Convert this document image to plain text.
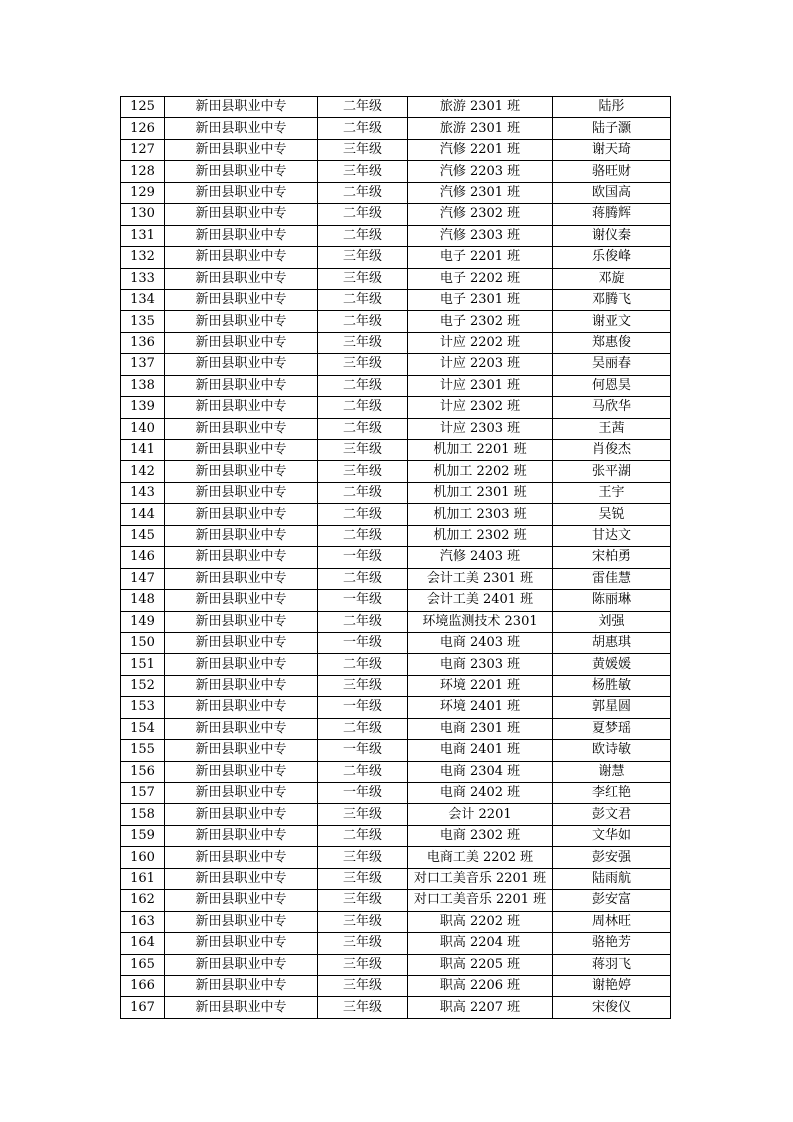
125	新田县职业中专	二年级	旅游 2301 班	陆彤
126	新田县职业中专	二年级	旅游 2301 班	陆子灏
127	新田县职业中专	三年级	汽修 2201 班	谢天琦
128	新田县职业中专	三年级	汽修 2203 班	骆旺财
129	新田县职业中专	二年级	汽修 2301 班	欧国高
130	新田县职业中专	二年级	汽修 2302 班	蒋腾辉
131	新田县职业中专	二年级	汽修 2303 班	谢仪秦
132	新田县职业中专	三年级	电子 2201 班	乐俊峰
133	新田县职业中专	三年级	电子 2202 班	邓旋
134	新田县职业中专	二年级	电子 2301 班	邓腾飞
135	新田县职业中专	二年级	电子 2302 班	谢亚文
136	新田县职业中专	三年级	计应 2202 班	郑惠俊
137	新田县职业中专	三年级	计应 2203 班	吴丽春
138	新田县职业中专	二年级	计应 2301 班	何恩昊
139	新田县职业中专	二年级	计应 2302 班	马欣华
140	新田县职业中专	二年级	计应 2303 班	王茜
141	新田县职业中专	三年级	机加工 2201 班	肖俊杰
142	新田县职业中专	三年级	机加工 2202 班	张平湖
143	新田县职业中专	二年级	机加工 2301 班	王宇
144	新田县职业中专	二年级	机加工 2303 班	吴锐
145	新田县职业中专	二年级	机加工 2302 班	甘达文
146	新田县职业中专	一年级	汽修 2403 班	宋柏勇
147	新田县职业中专	二年级	会计工美 2301 班	雷佳慧
148	新田县职业中专	一年级	会计工美 2401 班	陈丽琳
149	新田县职业中专	二年级	环境监测技术 2301	刘强
150	新田县职业中专	一年级	电商 2403 班	胡惠琪
151	新田县职业中专	二年级	电商 2303 班	黄媛媛
152	新田县职业中专	三年级	环境 2201 班	杨胜敏
153	新田县职业中专	一年级	环境 2401 班	郭星圆
154	新田县职业中专	二年级	电商 2301 班	夏梦瑶
155	新田县职业中专	一年级	电商 2401 班	欧诗敏
156	新田县职业中专	二年级	电商 2304 班	谢慧
157	新田县职业中专	一年级	电商 2402 班	李红艳
158	新田县职业中专	三年级	会计 2201	彭文君
159	新田县职业中专	二年级	电商 2302 班	文华如
160	新田县职业中专	三年级	电商工美 2202 班	彭安强
161	新田县职业中专	三年级	对口工美音乐 2201 班	陆雨航
162	新田县职业中专	三年级	对口工美音乐 2201 班	彭安富
163	新田县职业中专	三年级	职高 2202 班	周林旺
164	新田县职业中专	三年级	职高 2204 班	骆艳芳
165	新田县职业中专	三年级	职高 2205 班	蒋羽飞
166	新田县职业中专	三年级	职高 2206 班	谢艳婷
167	新田县职业中专	三年级	职高 2207 班	宋俊仪
